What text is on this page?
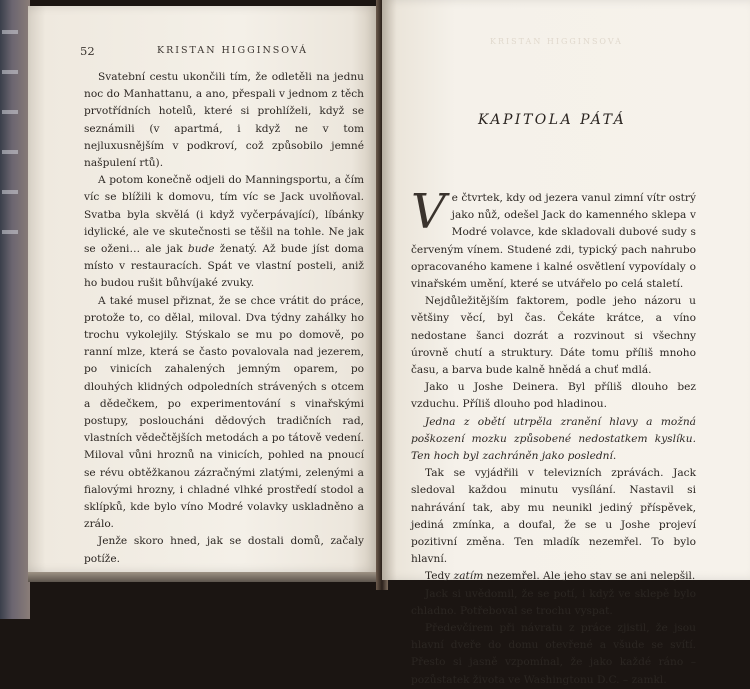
52	KRISTAN HIGGINSOVÁ

Svatební cestu ukončili tím, že odletěli na jednu noc do Manhattanu, a ano, přespali v jednom z těch prvotřídních hotelů, které si prohlíželi, když se seznámili (v apartmá, i když ne v tom nejluxusnějším v podkroví, což způsobilo jemné našpulení rtů).

A potom konečně odjeli do Manningsportu, a čím víc se blížili k domovu, tím víc se Jack uvolňoval. Svatba byla skvělá (i když vyčerpávající), líbánky idylické, ale ve skutečnosti se těšil na tohle. Ne jak se oženi… ale jak bude ženatý. Až bude jíst doma místo v restauracích. Spát ve vlastní posteli, aniž ho budou rušit bůhvíjaké zvuky.

A také musel přiznat, že se chce vrátit do práce, protože to, co dělal, miloval. Dva týdny zahálky ho trochu vykolejily. Stýskalo se mu po domově, po ranní mlze, která se často povalovala nad jezerem, po vinicích zahalených jemným oparem, po dlouhých klidných odpoledních strávených s otcem a dědečkem, po experimentování s vinařskými postupy, posloucháni dědových tradičních rad, vlastních vědečtějších metodách a po tátově vedení. Miloval vůni hroznů na vinicích, pohled na pnoucí se révu obtěžkanou zázračnými zlatými, zelenými a fialovými hrozny, i chladné vlhké prostředí stodol a sklípků, kde bylo víno Modré volavky uskladněno a zrálo.

Jenže skoro hned, jak se dostali domů, začaly potíže.

KRISTAN HIGGINSOVÁ
KAPITOLA PÁTÁ

Ve čtvrtek, kdy od jezera vanul zimní vítr ostrý jako nůž, odešel Jack do kamenného sklepa v Modré volavce, kde skladovali dubové sudy s červeným vínem. Studené zdi, typický pach nahrubo opracovaného kamene i kalné osvětlení vypovídaly o vinařském umění, které se utvářelo po celá staletí.

Nejdůležitějším faktorem, podle jeho názoru u většiny věcí, byl čas. Čekáte krátce, a víno nedostane šanci dozrát a rozvinout si všechny úrovně chutí a struktury. Dáte tomu příliš mnoho času, a barva bude kalně hnědá a chuť mdlá.

Jako u Joshe Deinera. Byl příliš dlouho bez vzduchu. Příliš dlouho pod hladinou.

Jedna z obětí utrpěla zranění hlavy a možná poškození mozku způsobené nedostatkem kyslíku. Ten hoch byl zachráněn jako poslední.

Tak se vyjádřili v televizních zprávách. Jack sledoval každou minutu vysílání. Nastavil si nahrávání tak, aby mu neunikl jediný příspěvek, jediná zmínka, a doufal, že se u Joshe projeví pozitivní změna. Ten mladík nezemřel. To bylo hlavní.

Tedy zatím nezemřel. Ale jeho stav se ani nelepšil.

Jack si uvědomil, že se potí, i když ve sklepě bylo chladno. Potřeboval se trochu vyspat.

Předevčírem při návratu z práce zjistil, že jsou hlavní dveře do domu otevřené a všude se svítí. Přesto si jasně vzpomínal, že jako každé ráno – pozůstatek života ve Washingtonu D.C. – zamkl.
